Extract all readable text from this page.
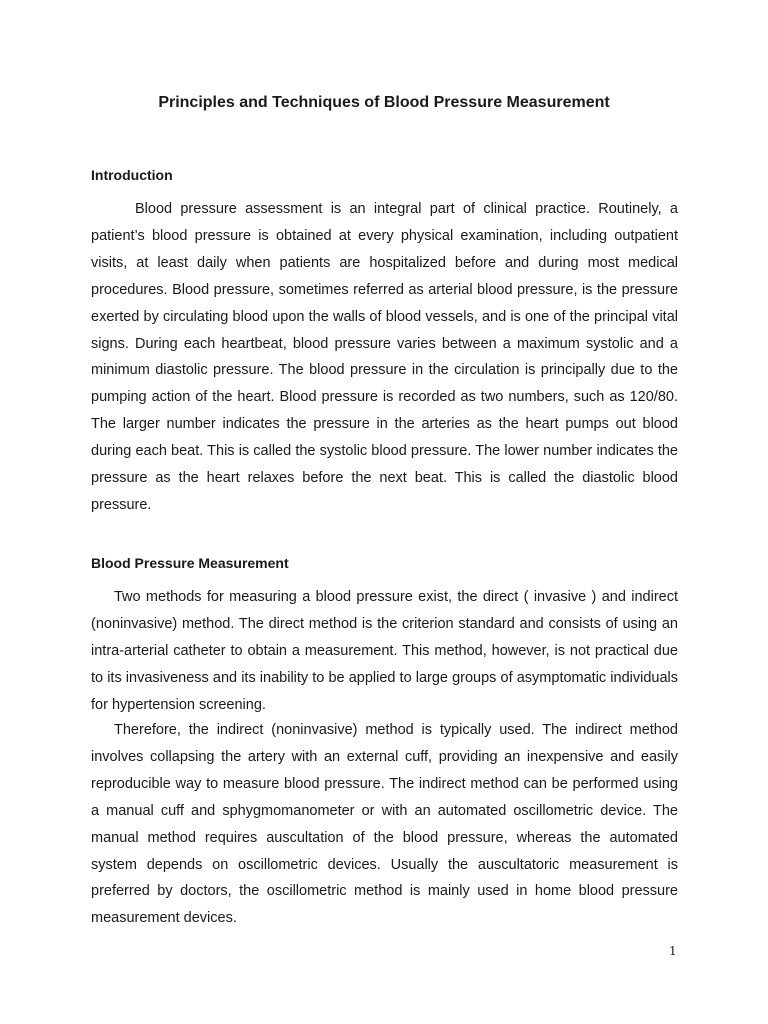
Principles and Techniques of Blood Pressure Measurement
Introduction

Blood pressure assessment is an integral part of clinical practice. Routinely, a patient’s blood pressure is obtained at every physical examination, including outpatient visits, at least daily when patients are hospitalized before and during most medical procedures. Blood pressure, sometimes referred as arterial blood pressure, is the pressure exerted by circulating blood upon the walls of blood vessels, and is one of the principal vital signs. During each heartbeat, blood pressure varies between a maximum systolic and a minimum diastolic pressure. The blood pressure in the circulation is principally due to the pumping action of the heart. Blood pressure is recorded as two numbers, such as 120/80. The larger number indicates the pressure in the arteries as the heart pumps out blood during each beat. This is called the systolic blood pressure. The lower number indicates the pressure as the heart relaxes before the next beat. This is called the diastolic blood pressure.

Blood Pressure Measurement

Two methods for measuring a blood pressure exist, the direct ( invasive ) and indirect (noninvasive) method. The direct method is the criterion standard and consists of using an intra-arterial catheter to obtain a measurement. This method, however, is not practical due to its invasiveness and its inability to be applied to large groups of asymptomatic individuals for hypertension screening.

Therefore, the indirect (noninvasive) method is typically used. The indirect method involves collapsing the artery with an external cuff, providing an inexpensive and easily reproducible way to measure blood pressure. The indirect method can be performed using a manual cuff and sphygmomanometer or with an automated oscillometric device. The manual method requires auscultation of the blood pressure, whereas the automated system depends on oscillometric devices. Usually the auscultatoric measurement is preferred by doctors, the oscillometric method is mainly used in home blood pressure measurement devices.

1
